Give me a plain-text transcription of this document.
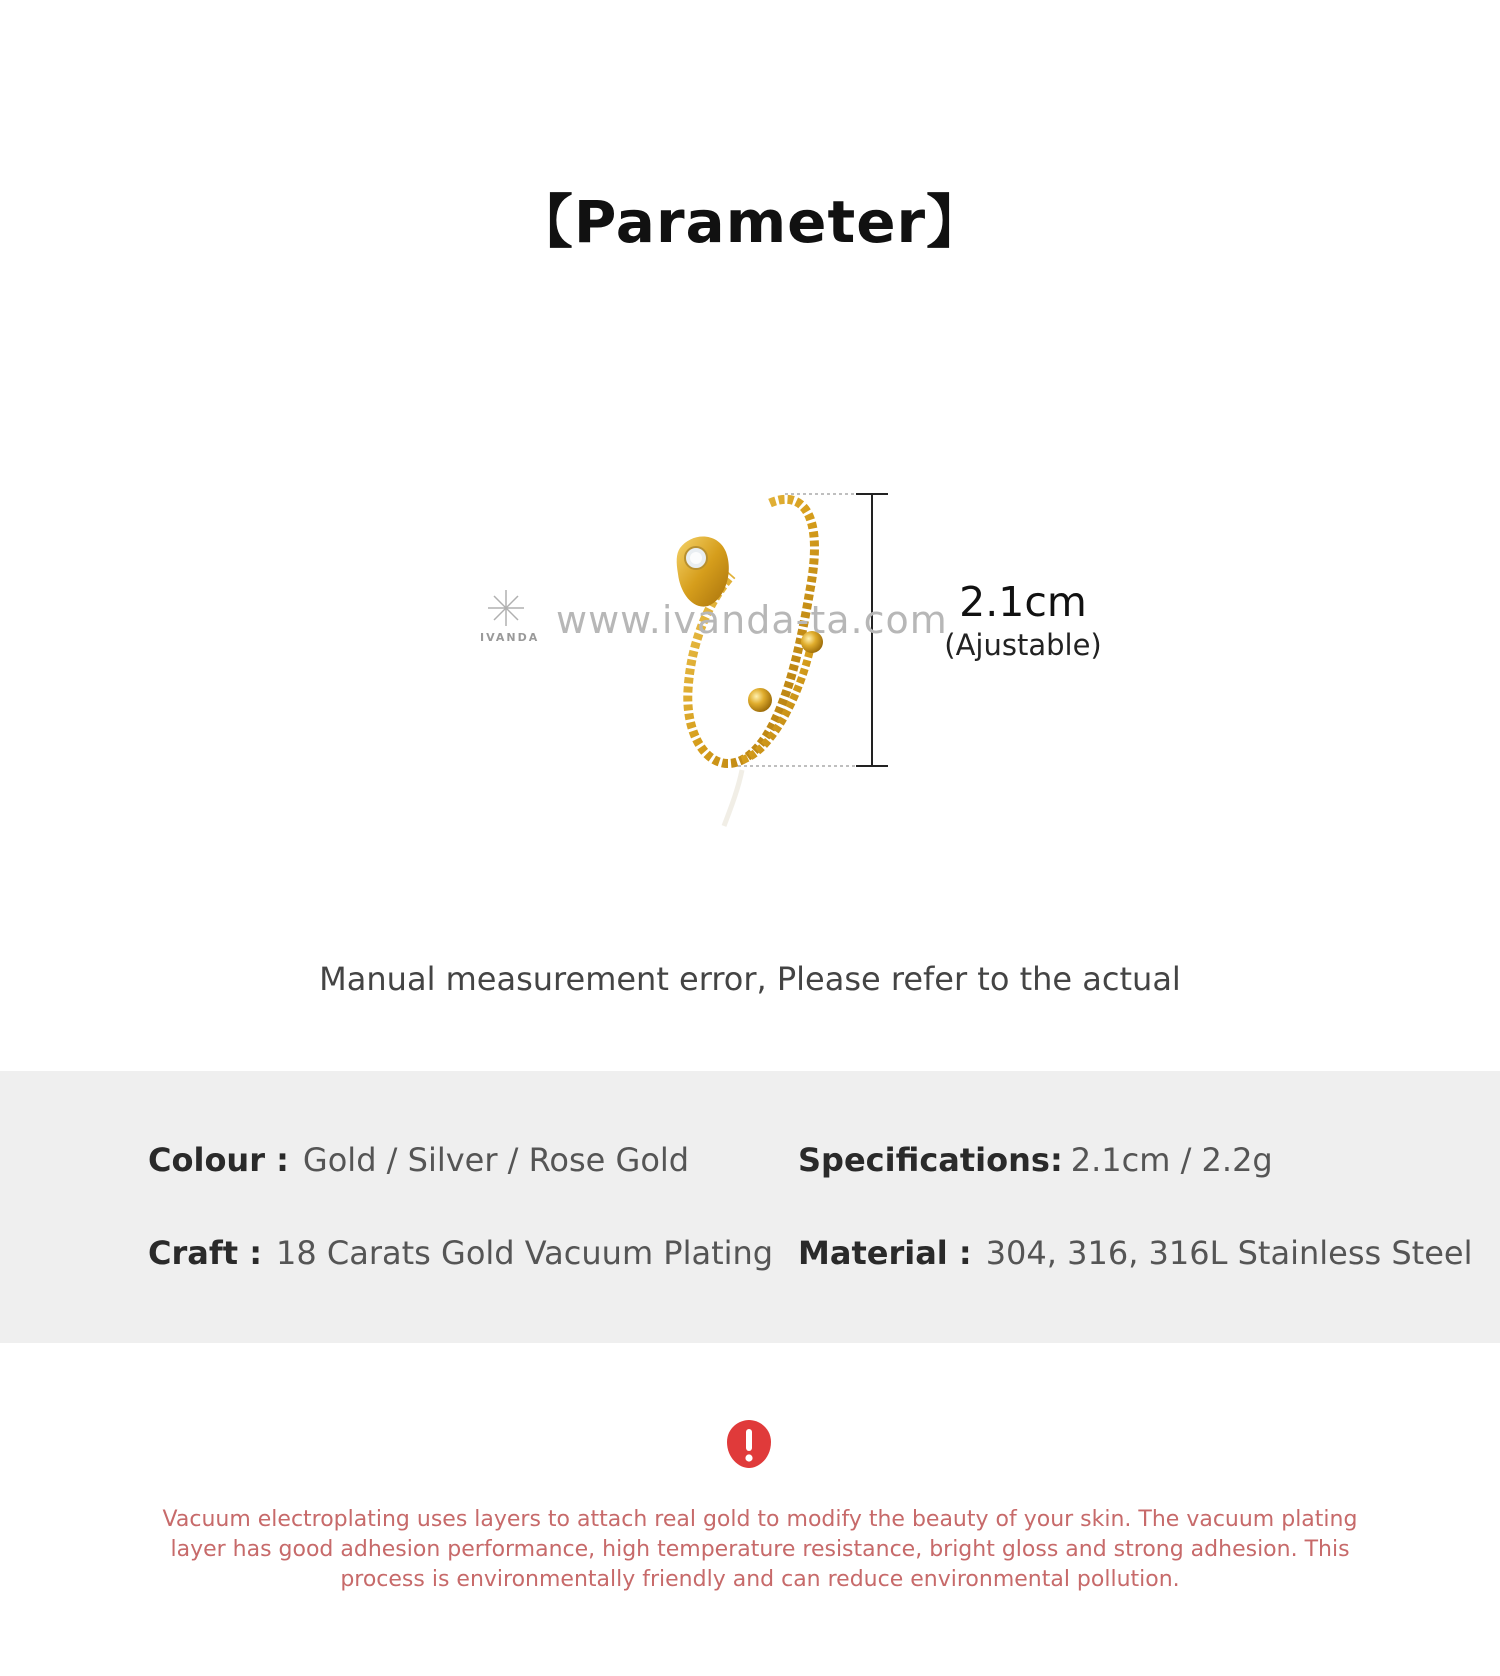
【Parameter】
IVANDA www.ivanda-ta.com 2.1cm
(Ajustable)
Manual measurement error, Please refer to the actual
Colour : Gold / Silver / Rose Gold	Specifications: 2.1cm / 2.2g
Craft : 18 Carats Gold Vacuum Plating Material : 304, 316, 316L Stainless Steel
Vacuum electroplating uses layers to attach real gold to modify the beauty of your skin. The vacuum plating layer has good adhesion performance, high temperature resistance, bright gloss and strong adhesion. This process is environmentally friendly and can reduce environmental pollution.
